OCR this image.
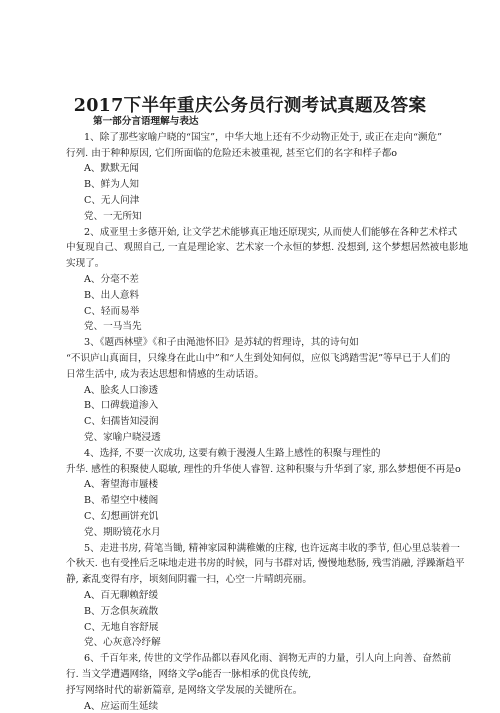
2017下半年重庆公务员行测考试真题及答案
第一部分言语理解与表达
1、除了那些家喻户晓的“国宝”，中华大地上还有不少动物正处于, 或正在走向“濒危”
行列. 由于种种原因, 它们所面临的危险还未被重视, 甚至它们的名字和样子都o
A、默默无闻
B、鲜为人知
C、无人问津
党、一无所知
2、成亚里士多德开始, 让文学艺术能够真正地还原现实, 从而使人们能够在各种艺术样式
中复现自己、观照自己, 一直是理论家、艺术家一个永恒的梦想. 没想到, 这个梦想居然被电影地
实现了。
A、分毫不差
B、出人意料
C、轻而易举
党、一马当先
3、《题西林壁》《和子由渑池怀旧》是苏轼的哲理诗，其的诗句如
“不识庐山真面目，只缘身在此山中”和“人生到处知何似，应似飞鸿踏雪泥”等早已于人们的
日常生活中, 成为表达思想和情感的生动话语。
A、脍炙人口渗透
B、口碑载道渗入
C、妇孺皆知浸润
党、家喻户晓浸透
4、选择, 不要一次成功, 这要有赖于漫漫人生路上感性的积聚与理性的
升华. 感性的积聚使人聪敏, 理性的升华使人睿智. 这种积聚与升华到了家, 那么梦想便不再是o
A、奢望海市蜃楼
B、希望空中楼阁
C、幻想画饼充饥
党、期盼镜花水月
5、走进书房, 荷笔当锄, 精神家园种满稚嫩的庄稼, 也许远离丰收的季节, 但心里总装着一
个秋天. 也有受挫后乏味地走进书房的时候，同与书群对话, 慢慢地愁肠, 残雪消融, 浮躁渐趋平
静, 紊乱变得有序，顷刻间阴霾一扫，心空一片晴朗亮丽。
A、百无聊赖舒缓
B、万念俱灰疏散
C、无地自容舒展
党、心灰意冷纾解
6、千百年来, 传世的文学作品都以春风化雨、润物无声的力量，引人向上向善、奋然前
行. 当文学遭遇网络，网络文学o能否一脉相承的优良传统,
抒写网络时代的崭新篇章, 是网络文学发展的关键所在。
A、应运而生延续
